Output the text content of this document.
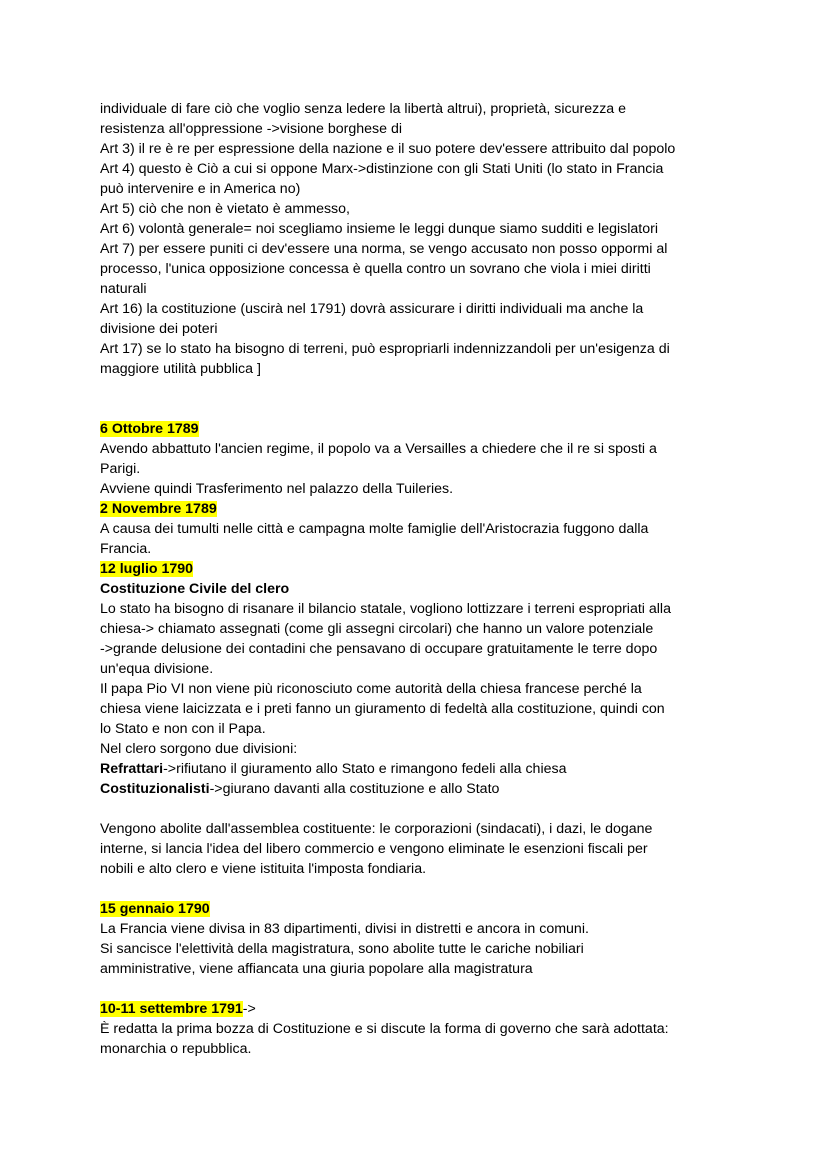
individuale di fare ciò che voglio senza ledere la libertà altrui), proprietà, sicurezza e
resistenza all'oppressione ->visione borghese di
Art 3) il re è re per espressione della nazione e il suo potere dev'essere attribuito dal popolo
Art 4) questo è Ciò a cui si oppone Marx->distinzione con gli Stati Uniti (lo stato in Francia
può intervenire e in America no)
Art 5) ciò che non è vietato è ammesso,
Art 6) volontà generale= noi scegliamo insieme le leggi dunque siamo sudditi e legislatori
Art 7) per essere puniti ci dev'essere una norma, se vengo accusato non posso oppormi al
processo, l'unica opposizione concessa è quella contro un sovrano che viola i miei diritti
naturali
Art 16) la costituzione (uscirà nel 1791) dovrà assicurare i diritti individuali ma anche la
divisione dei poteri
Art 17) se lo stato ha bisogno di terreni, può espropriarli indennizzandoli per un'esigenza di
maggiore utilità pubblica ]
6 Ottobre 1789
Avendo abbattuto l'ancien regime, il popolo va a Versailles a chiedere che il re si sposti a
Parigi.
Avviene quindi Trasferimento nel palazzo della Tuileries.
2 Novembre 1789
A causa dei tumulti nelle città e campagna molte famiglie dell'Aristocrazia fuggono dalla
Francia.
12 luglio 1790
Costituzione Civile del clero
Lo stato ha bisogno di risanare il bilancio statale, vogliono lottizzare i terreni espropriati alla
chiesa-> chiamato assegnati (come gli assegni circolari) che hanno un valore potenziale
->grande delusione dei contadini che pensavano di occupare gratuitamente le terre dopo
un'equa divisione.
Il papa Pio VI non viene più riconosciuto come autorità della chiesa francese perché la
chiesa viene laicizzata e i preti fanno un giuramento di fedeltà alla costituzione, quindi con
lo Stato e non con il Papa.
Nel clero sorgono due divisioni:
Refrattari->rifiutano il giuramento allo Stato e rimangono fedeli alla chiesa
Costituzionalisti->giurano davanti alla costituzione e allo Stato
Vengono abolite dall'assemblea costituente: le corporazioni (sindacati), i dazi, le dogane
interne, si lancia l'idea del libero commercio e vengono eliminate le esenzioni fiscali per
nobili e alto clero e viene istituita l'imposta fondiaria.
15 gennaio 1790
La Francia viene divisa in 83 dipartimenti, divisi in distretti e ancora in comuni.
Si sancisce l'elettività della magistratura, sono abolite tutte le cariche nobiliari
amministrative, viene affiancata una giuria popolare alla magistratura
10-11 settembre 1791->
È redatta la prima bozza di Costituzione e si discute la forma di governo che sarà adottata:
monarchia o repubblica.
